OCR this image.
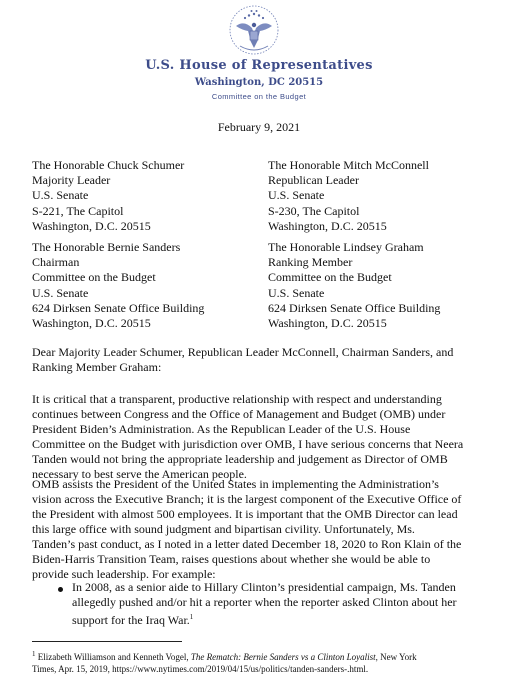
U.S. House of Representatives
Washington, DC 20515
Committee on the Budget
February 9, 2021
The Honorable Chuck Schumer
Majority Leader
U.S. Senate
S-221, The Capitol
Washington, D.C. 20515
The Honorable Mitch McConnell
Republican Leader
U.S. Senate
S-230, The Capitol
Washington, D.C. 20515
The Honorable Bernie Sanders
Chairman
Committee on the Budget
U.S. Senate
624 Dirksen Senate Office Building
Washington, D.C. 20515
The Honorable Lindsey Graham
Ranking Member
Committee on the Budget
U.S. Senate
624 Dirksen Senate Office Building
Washington, D.C. 20515
Dear Majority Leader Schumer, Republican Leader McConnell, Chairman Sanders, and
Ranking Member Graham:
It is critical that a transparent, productive relationship with respect and understanding
continues between Congress and the Office of Management and Budget (OMB) under
President Biden’s Administration. As the Republican Leader of the U.S. House
Committee on the Budget with jurisdiction over OMB, I have serious concerns that Neera
Tanden would not bring the appropriate leadership and judgement as Director of OMB
necessary to best serve the American people.
OMB assists the President of the United States in implementing the Administration’s
vision across the Executive Branch; it is the largest component of the Executive Office of
the President with almost 500 employees. It is important that the OMB Director can lead
this large office with sound judgment and bipartisan civility. Unfortunately, Ms.
Tanden’s past conduct, as I noted in a letter dated December 18, 2020 to Ron Klain of the
Biden-Harris Transition Team, raises questions about whether she would be able to
provide such leadership. For example:
In 2008, as a senior aide to Hillary Clinton’s presidential campaign, Ms. Tanden
allegedly pushed and/or hit a reporter when the reporter asked Clinton about her
support for the Iraq War.$^1$
$^1$ Elizabeth Williamson and Kenneth Vogel, The Rematch: Bernie Sanders vs a Clinton Loyalist, New York
Times, Apr. 15, 2019, https://www.nytimes.com/2019/04/15/us/politics/tanden-sanders-.html.
